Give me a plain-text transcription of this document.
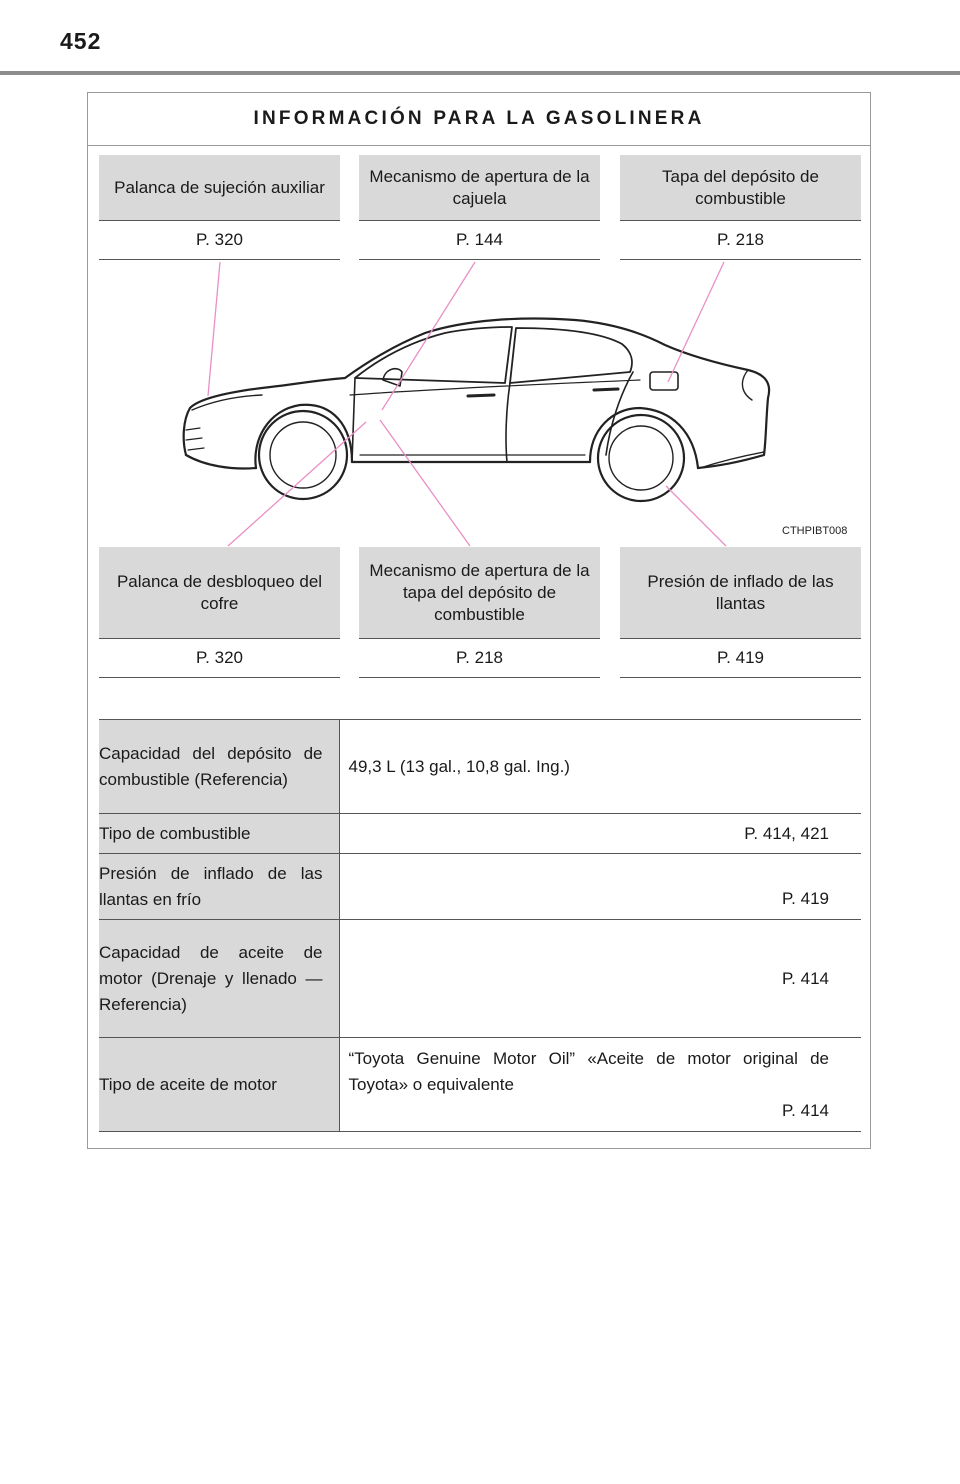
452
INFORMACIÓN PARA LA GASOLINERA
Palanca de sujeción auxiliar
P. 320
Mecanismo de apertura de la cajuela
P. 144
Tapa del depósito de combustible
P. 218
CTHPIBT008
Palanca de desbloqueo del cofre
P. 320
Mecanismo de apertura de la tapa del depósito de combustible
P. 218
Presión de inflado de las llantas
P. 419
Capacidad del depósito de combustible (Referencia)	49,3 L (13 gal., 10,8 gal. Ing.)
Tipo de combustible	P. 414, 421
Presión de inflado de las llantas en frío	P. 419
Capacidad de aceite de motor (Drenaje y llenado — Referencia)	P. 414
Tipo de aceite de motor	“Toyota Genuine Motor Oil” «Aceite de motor original de Toyota» o equivalente
P. 414
